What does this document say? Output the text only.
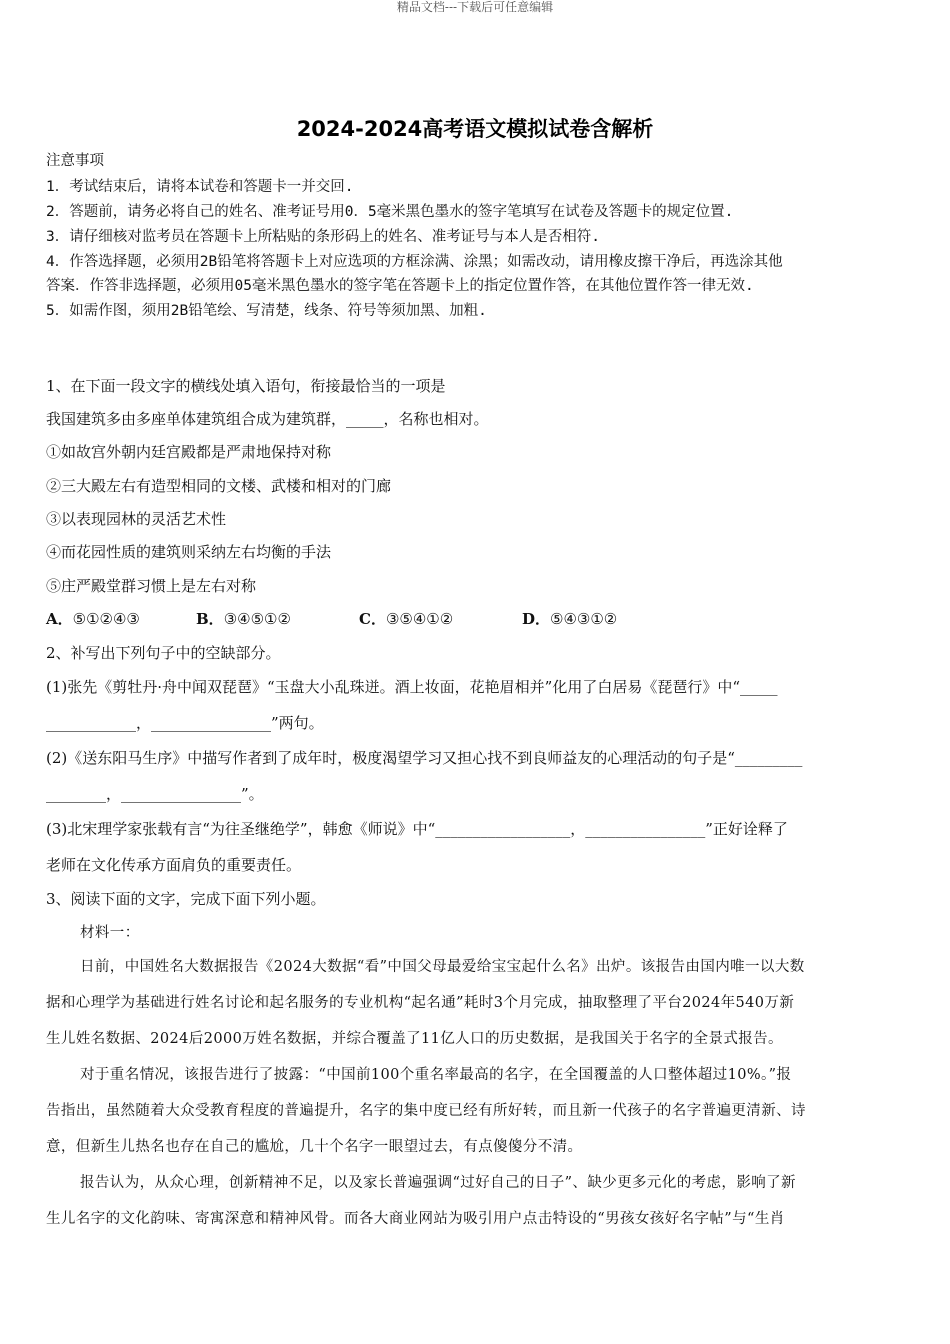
精品文档---下载后可任意编辑
2024-2024高考语文模拟试卷含解析
注意事项
1．考试结束后，请将本试卷和答题卡一并交回.
2．答题前，请务必将自己的姓名、准考证号用0．5毫米黑色墨水的签字笔填写在试卷及答题卡的规定位置.
3．请仔细核对监考员在答题卡上所粘贴的条形码上的姓名、准考证号与本人是否相符.
4．作答选择题，必须用2B铅笔将答题卡上对应选项的方框涂满、涂黑；如需改动，请用橡皮擦干净后，再选涂其他
答案．作答非选择题，必须用05毫米黑色墨水的签字笔在答题卡上的指定位置作答，在其他位置作答一律无效.
5．如需作图，须用2B铅笔绘、写清楚，线条、符号等须加黑、加粗.
1、在下面一段文字的横线处填入语句，衔接最恰当的一项是
我国建筑多由多座单体建筑组合成为建筑群，_____，名称也相对。
①如故宫外朝内廷宫殿都是严肃地保持对称
②三大殿左右有造型相同的文楼、武楼和相对的门廊
③以表现园林的灵活艺术性
④而花园性质的建筑则采纳左右均衡的手法
⑤庄严殿堂群习惯上是左右对称
A．⑤①②④③	B．③④⑤①②	C．③⑤④①②	D．⑤④③①②
2、补写出下列句子中的空缺部分。
(1)张先《剪牡丹·舟中闻双琵琶》“玉盘大小乱珠迸。酒上妆面，花艳眉相并”化用了白居易《琵琶行》中“_____
____________，________________”两句。
(2)《送东阳马生序》中描写作者到了成年时，极度渴望学习又担心找不到良师益友的心理活动的句子是“_________
________，________________”。
(3)北宋理学家张载有言“为往圣继绝学”，韩愈《师说》中“__________________，________________”正好诠释了
老师在文化传承方面肩负的重要责任。
3、阅读下面的文字，完成下面下列小题。
材料一：
日前，中国姓名大数据报告《2024大数据“看”中国父母最爱给宝宝起什么名》出炉。该报告由国内唯一以大数
据和心理学为基础进行姓名讨论和起名服务的专业机构“起名通”耗时3个月完成，抽取整理了平台2024年540万新
生儿姓名数据、2024后2000万姓名数据，并综合覆盖了11亿人口的历史数据，是我国关于名字的全景式报告。
对于重名情况，该报告进行了披露：“中国前100个重名率最高的名字，在全国覆盖的人口整体超过10%。”报
告指出，虽然随着大众受教育程度的普遍提升，名字的集中度已经有所好转，而且新一代孩子的名字普遍更清新、诗
意，但新生儿热名也存在自己的尴尬，几十个名字一眼望过去，有点傻傻分不清。
报告认为，从众心理，创新精神不足，以及家长普遍强调“过好自己的日子”、缺少更多元化的考虑，影响了新
生儿名字的文化韵味、寄寓深意和精神风骨。而各大商业网站为吸引用户点击特设的“男孩女孩好名字帖”与“生肖
